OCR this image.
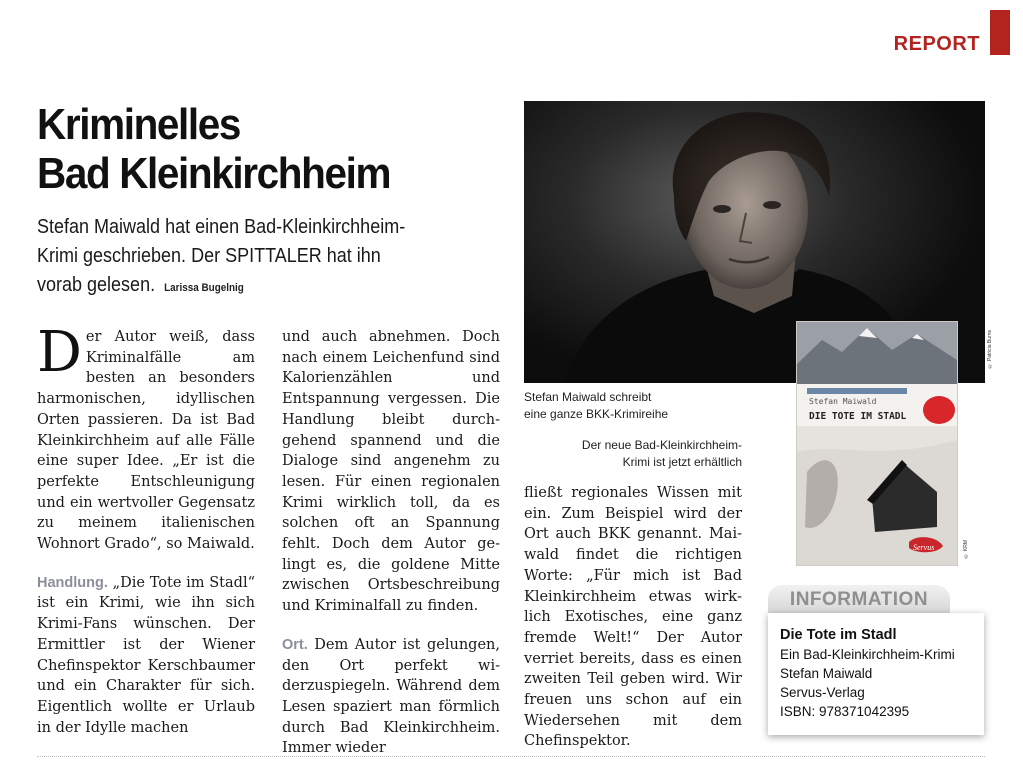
REPORT
Kriminelles
Bad Kleinkirchheim
Stefan Maiwald hat einen Bad-Kleinkirchheim-
Krimi geschrieben. Der SPITTALER hat ihn
vorab gelesen. Larissa Bugelnig

Der Autor weiß, dass Kriminalfälle am besten an besonders harmonischen, idyllischen Orten passieren. Da ist Bad Kleinkirchheim auf alle Fälle eine super Idee. „Er ist die perfekte Entschleunigung und ein wertvoller Gegensatz zu meinem italienischen Wohnort Grado“, so Maiwald.

Handlung. „Die Tote im Stadl“ ist ein Krimi, wie ihn sich Krimi-Fans wünschen. Der Ermittler ist der Wiener Chefinspektor Kerschbaumer und ein Charakter für sich. Eigentlich wollte er Urlaub in der Idylle machen

und auch abnehmen. Doch nach einem Leichenfund sind Kalorienzählen und Entspannung vergessen. Die Handlung bleibt durchgehend spannend und die Dialoge sind angenehm zu lesen. Für einen regionalen Krimi wirklich toll, da es solchen oft an Spannung fehlt. Doch dem Autor gelingt es, die goldene Mitte zwischen Ortsbeschreibung und Kriminalfall zu finden.

Ort. Dem Autor ist gelungen, den Ort perfekt widerzuspiegeln. Während dem Lesen spaziert man förmlich durch Bad Kleinkirchheim. Immer wieder

fließt regionales Wissen mit ein. Zum Beispiel wird der Ort auch BKK genannt. Maiwald findet die richtigen Worte: „Für mich ist Bad Kleinkirchheim etwas wirklich Exotisches, eine ganz fremde Welt!“ Der Autor verriet bereits, dass es einen zweiten Teil geben wird. Wir freuen uns schon auf ein Wiedersehen mit dem Chefinspektor.

© Patricia Burns
Stefan Maiwald schreibt
eine ganze BKK-Krimireihe
Der neue Bad-Kleinkirchheim-
Krimi ist jetzt erhältlich
Stefan Maiwald
DIE TOTE IM STADL
Servus	© KRM
INFORMATION
Die Tote im Stadl
Ein Bad-Kleinkirchheim-Krimi
Stefan Maiwald
Servus-Verlag
ISBN: 978371042395
